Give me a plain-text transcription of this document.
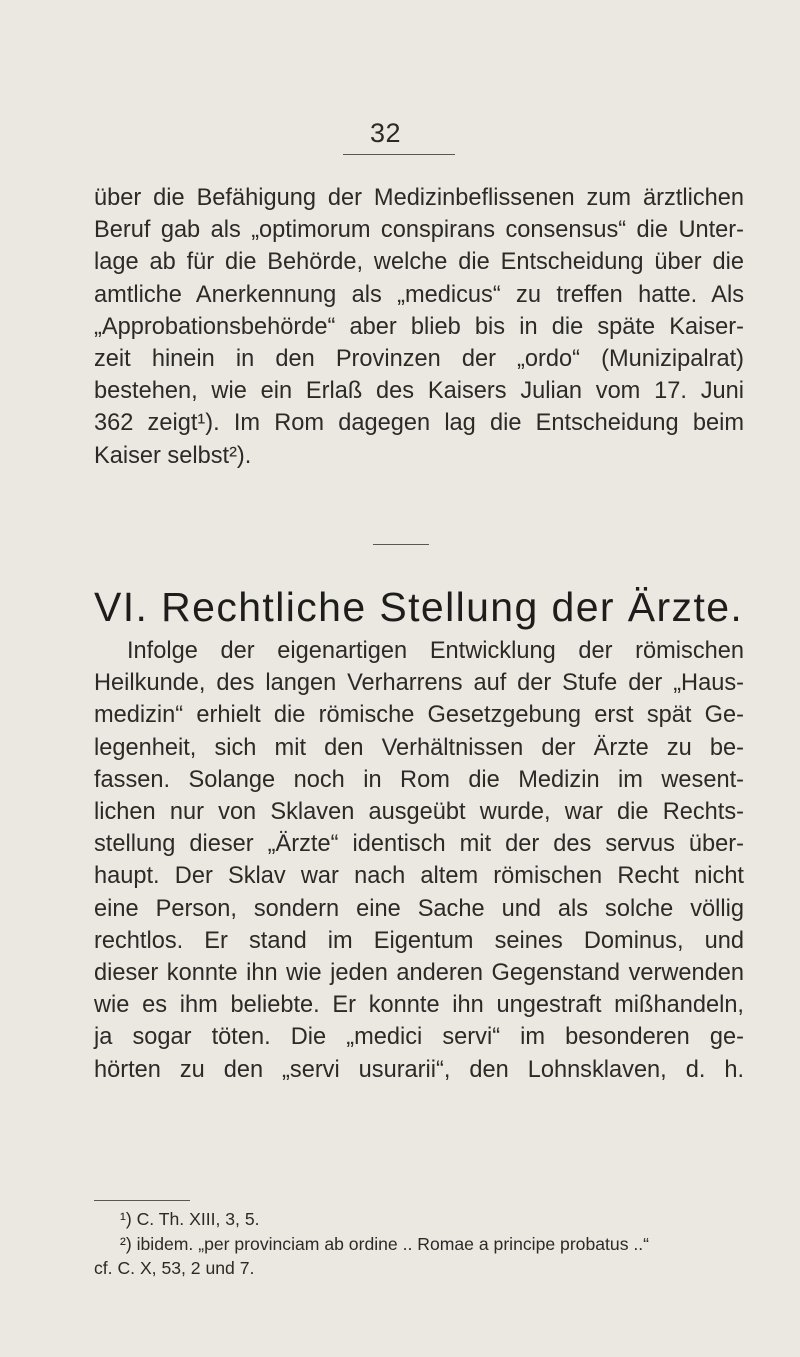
32
über die Befähigung der Medizinbeflissenen zum ärztlichen
Beruf gab als „optimorum conspirans consensus“ die Unter-
lage ab für die Behörde, welche die Entscheidung über die
amtliche Anerkennung als „medicus“ zu treffen hatte. Als
„Approbationsbehörde“ aber blieb bis in die späte Kaiser-
zeit hinein in den Provinzen der „ordo“ (Munizipalrat)
bestehen, wie ein Erlaß des Kaisers Julian vom 17. Juni
362 zeigt¹). Im Rom dagegen lag die Entscheidung beim
Kaiser selbst²).
VI. Rechtliche Stellung der Ärzte.
Infolge der eigenartigen Entwicklung der römischen
Heilkunde, des langen Verharrens auf der Stufe der „Haus-
medizin“ erhielt die römische Gesetzgebung erst spät Ge-
legenheit, sich mit den Verhältnissen der Ärzte zu be-
fassen. Solange noch in Rom die Medizin im wesent-
lichen nur von Sklaven ausgeübt wurde, war die Rechts-
stellung dieser „Ärzte“ identisch mit der des servus über-
haupt. Der Sklav war nach altem römischen Recht nicht
eine Person, sondern eine Sache und als solche völlig
rechtlos. Er stand im Eigentum seines Dominus, und
dieser konnte ihn wie jeden anderen Gegenstand verwenden
wie es ihm beliebte. Er konnte ihn ungestraft mißhandeln,
ja sogar töten. Die „medici servi“ im besonderen ge-
hörten zu den „servi usurarii“, den Lohnsklaven, d. h.
¹) C. Th. XIII, 3, 5.
²) ibidem. „per provinciam ab ordine .. Romae a principe probatus ..“
cf. C. X, 53, 2 und 7.
